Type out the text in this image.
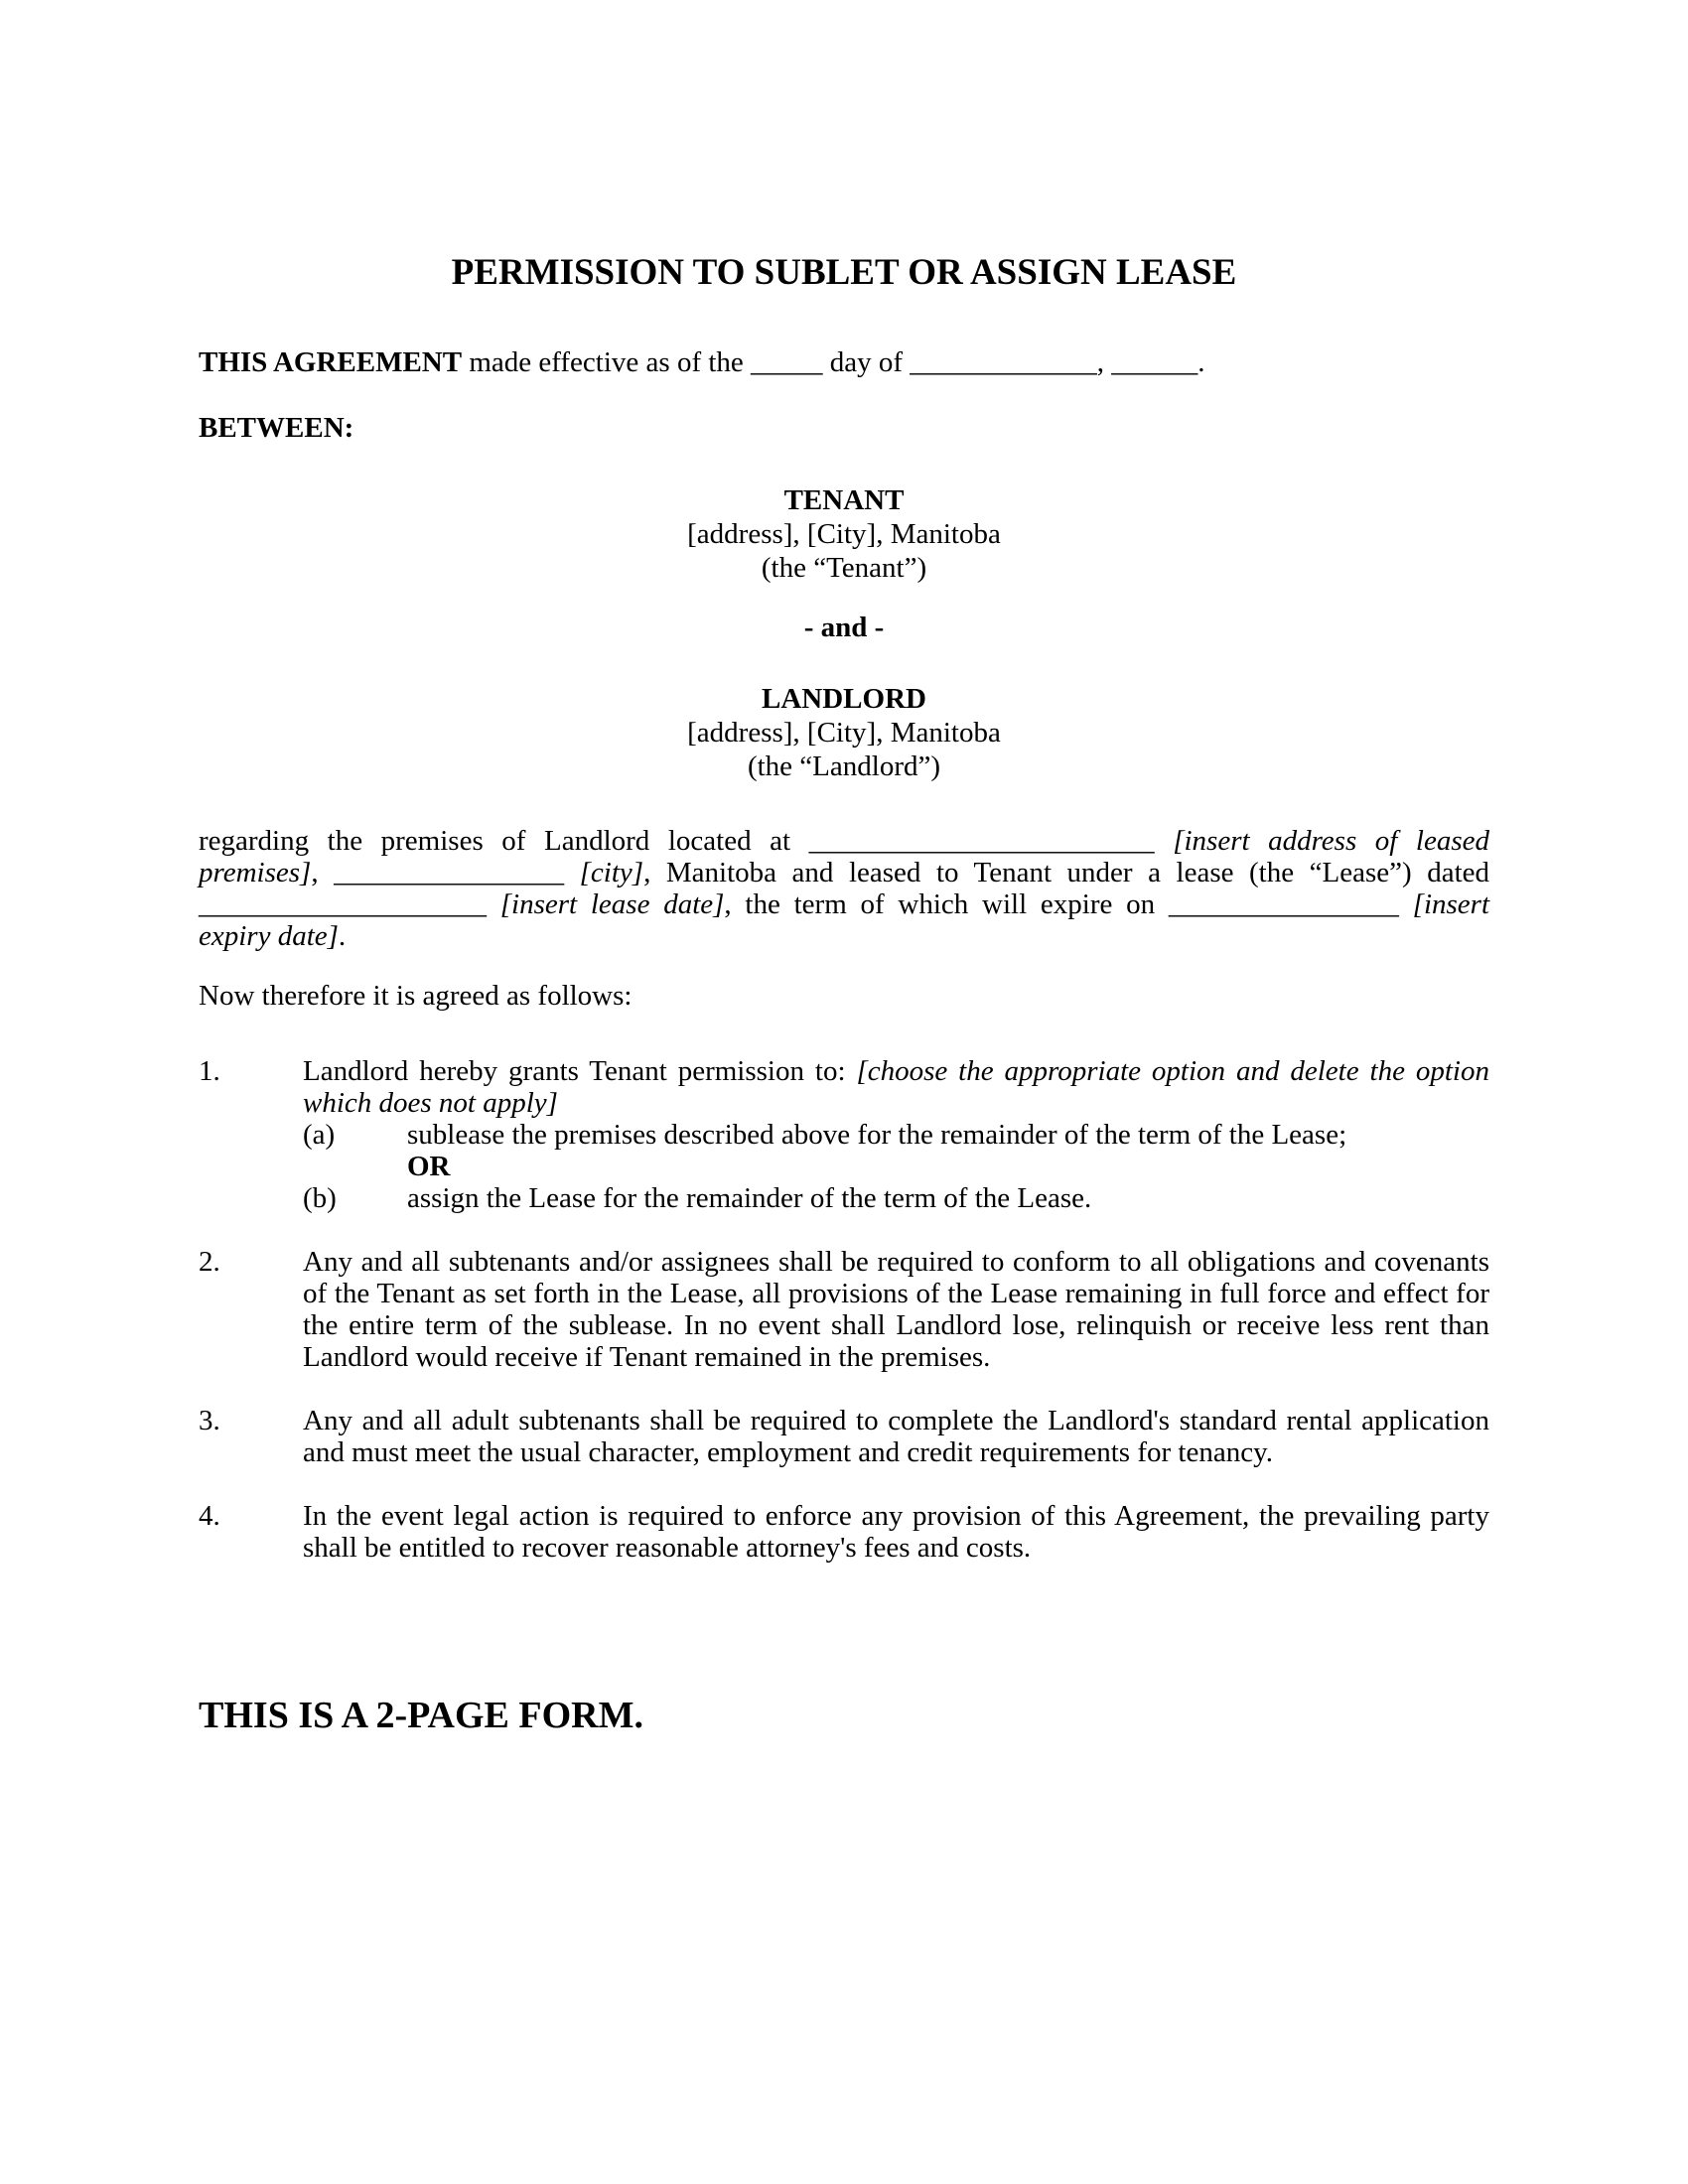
PERMISSION TO SUBLET OR ASSIGN LEASE

THIS AGREEMENT made effective as of the _____ day of _____________, ______.

BETWEEN:

TENANT
[address], [City], Manitoba
(the “Tenant”)
- and -
LANDLORD
[address], [City], Manitoba
(the “Landlord”)

regarding the premises of Landlord located at ________________________ [insert address of leased premises], ________________ [city], Manitoba and leased to Tenant under a lease (the “Lease”) dated ____________________ [insert lease date], the term of which will expire on ________________ [insert expiry date].

Now therefore it is agreed as follows:

1.	Landlord hereby grants Tenant permission to: [choose the appropriate option and delete the option which does not apply]
(a)	sublease the premises described above for the remainder of the term of the Lease;
OR
(b)	assign the Lease for the remainder of the term of the Lease.
2.	Any and all subtenants and/or assignees shall be required to conform to all obligations and covenants of the Tenant as set forth in the Lease, all provisions of the Lease remaining in full force and effect for the entire term of the sublease. In no event shall Landlord lose, relinquish or receive less rent than Landlord would receive if Tenant remained in the premises.
3.	Any and all adult subtenants shall be required to complete the Landlord's standard rental application and must meet the usual character, employment and credit requirements for tenancy.
4.	In the event legal action is required to enforce any provision of this Agreement, the prevailing party shall be entitled to recover reasonable attorney's fees and costs.
THIS IS A 2-PAGE FORM.
